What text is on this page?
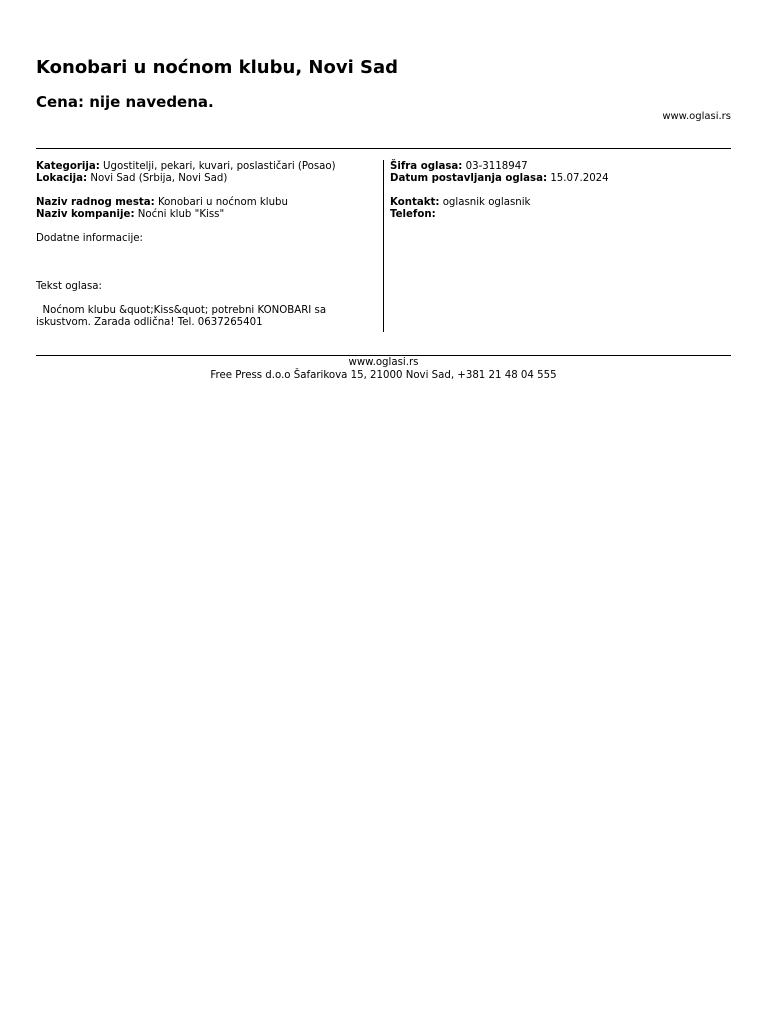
Konobari u noćnom klubu, Novi Sad
Cena: nije navedena.
www.oglasi.rs
Kategorija: Ugostitelji, pekari, kuvari, poslastičari (Posao)
Lokacija: Novi Sad (Srbija, Novi Sad)
Naziv radnog mesta: Konobari u noćnom klubu
Naziv kompanije: Noćni klub "Kiss"
Dodatne informacije:
Tekst oglasa:
Noćnom klubu &quot;Kiss&quot; potrebni KONOBARI sa iskustvom. Zarada odlična! Tel. 0637265401
Šifra oglasa: 03-3118947
Datum postavljanja oglasa: 15.07.2024
Kontakt: oglasnik oglasnik
Telefon:
www.oglasi.rs
Free Press d.o.o Šafarikova 15, 21000 Novi Sad, +381 21 48 04 555
